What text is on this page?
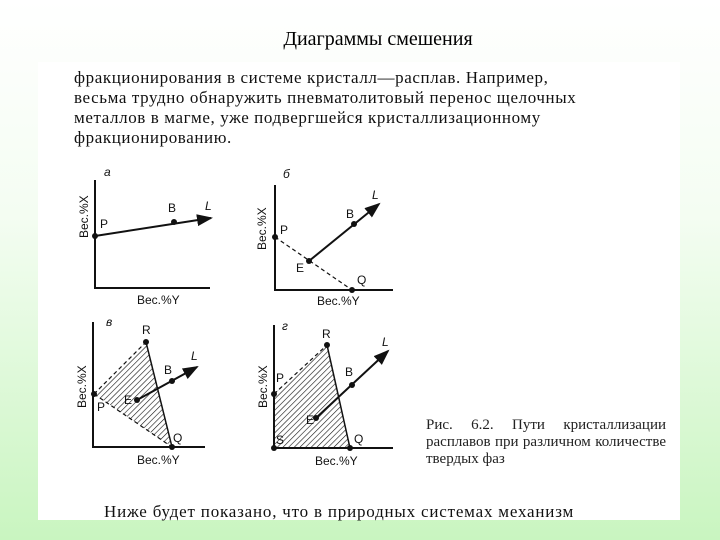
Диаграммы смешения
фракционирования в системе кристалл—расплав. Например,
весьма трудно обнаружить пневматолитовый перенос щелочных
металлов в магме, уже подвергшейся кристаллизационному
фракционированию.
а
P
B L
Вес.%X
Вес.%Y
б
P
E
Q
B
L
Вес.%X
Вес.%Y
в
R
P E
B
L
Q
Вес.%X
Вес.%Y
г
R
P
S
E
B
L
Q
Вес.%X
Вес.%Y
Рис. 6.2. Пути кристаллизации расплавов при различном количестве твердых фаз
Ниже будет показано, что в природных системах механизм
